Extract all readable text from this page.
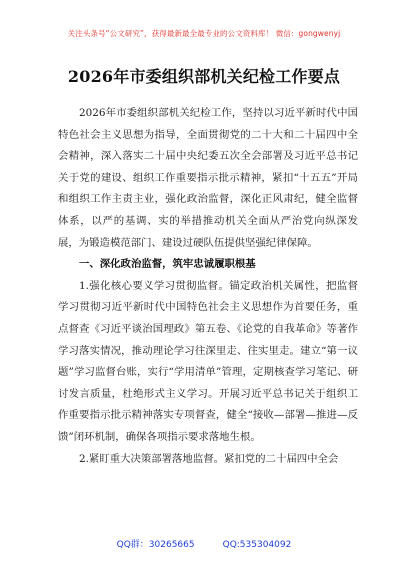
关注头条号“公文研究”，获得最新最全最专业的公文资料库！ 微信：gongwenyj
2026年市委组织部机关纪检工作要点

2026年市委组织部机关纪检工作，坚持以习近平新时代中国特色社会主义思想为指导，全面贯彻党的二十大和二十届四中全会精神，深入落实二十届中央纪委五次全会部署及习近平总书记关于党的建设、组织工作重要指示批示精神，紧扣“十五五”开局和组织工作主责主业，强化政治监督，深化正风肃纪，健全监督体系，以严的基调、实的举措推动机关全面从严治党向纵深发展，为锻造模范部门、建设过硬队伍提供坚强纪律保障。

一、深化政治监督，筑牢忠诚履职根基

1.强化核心要义学习贯彻监督。锚定政治机关属性，把监督学习贯彻习近平新时代中国特色社会主义思想作为首要任务，重点督查《习近平谈治国理政》第五卷、《论党的自我革命》等著作学习落实情况，推动理论学习往深里走、往实里走。建立“第一议题”学习监督台账，实行“学用清单”管理，定期核查学习笔记、研讨发言质量，杜绝形式主义学习。开展习近平总书记关于组织工作重要指示批示精神落实专项督查，健全“接收—部署—推进—反馈”闭环机制，确保各项指示要求落地生根。

2.紧盯重大决策部署落地监督。紧扣党的二十届四中全会

QQ群：30265665	QQ:535304092
